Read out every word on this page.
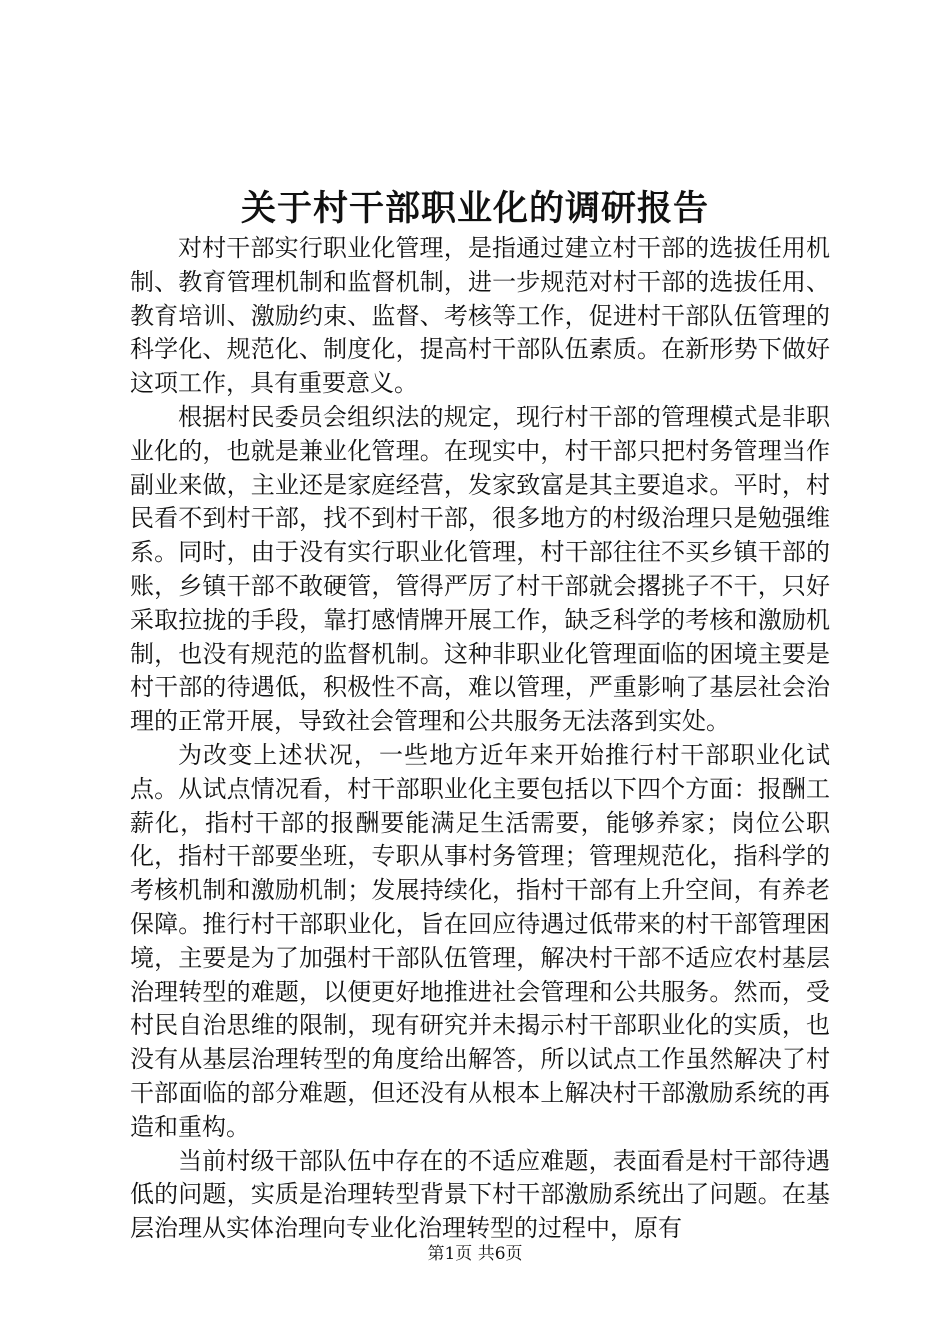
关于村干部职业化的调研报告

对村干部实行职业化管理，是指通过建立村干部的选拔任用机制、教育管理机制和监督机制，进一步规范对村干部的选拔任用、教育培训、激励约束、监督、考核等工作，促进村干部队伍管理的科学化、规范化、制度化，提高村干部队伍素质。在新形势下做好这项工作，具有重要意义。

根据村民委员会组织法的规定，现行村干部的管理模式是非职业化的，也就是兼业化管理。在现实中，村干部只把村务管理当作副业来做，主业还是家庭经营，发家致富是其主要追求。平时，村民看不到村干部，找不到村干部，很多地方的村级治理只是勉强维系。同时，由于没有实行职业化管理，村干部往往不买乡镇干部的账，乡镇干部不敢硬管，管得严厉了村干部就会撂挑子不干，只好采取拉拢的手段，靠打感情牌开展工作，缺乏科学的考核和激励机制，也没有规范的监督机制。这种非职业化管理面临的困境主要是村干部的待遇低，积极性不高，难以管理，严重影响了基层社会治理的正常开展，导致社会管理和公共服务无法落到实处。

为改变上述状况，一些地方近年来开始推行村干部职业化试点。从试点情况看，村干部职业化主要包括以下四个方面：报酬工薪化，指村干部的报酬要能满足生活需要，能够养家；岗位公职化，指村干部要坐班，专职从事村务管理；管理规范化，指科学的考核机制和激励机制；发展持续化，指村干部有上升空间，有养老保障。推行村干部职业化，旨在回应待遇过低带来的村干部管理困境，主要是为了加强村干部队伍管理，解决村干部不适应农村基层治理转型的难题，以便更好地推进社会管理和公共服务。然而，受村民自治思维的限制，现有研究并未揭示村干部职业化的实质，也没有从基层治理转型的角度给出解答，所以试点工作虽然解决了村干部面临的部分难题，但还没有从根本上解决村干部激励系统的再造和重构。

当前村级干部队伍中存在的不适应难题，表面看是村干部待遇低的问题，实质是治理转型背景下村干部激励系统出了问题。在基层治理从实体治理向专业化治理转型的过程中，原有

第1页 共6页
